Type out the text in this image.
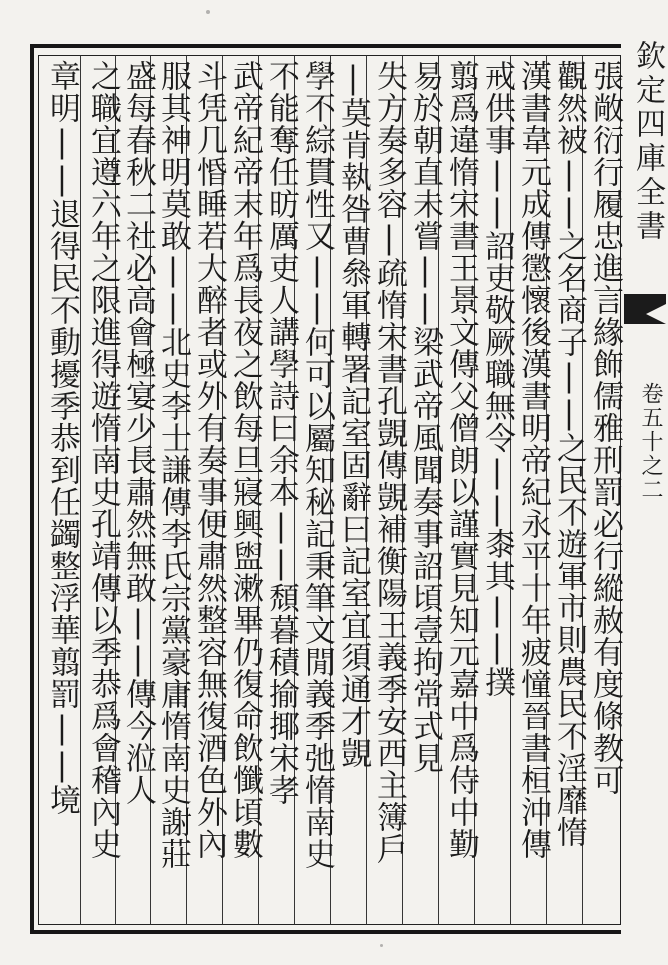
欽定四庫全書
卷五十之二
張敞衍行履忠進言緣飾儒雅刑罰必行縱赦有度條教可
觀然被||之名商子||之民不遊軍市則農民不淫靡惰
漢書韋元成傳懲懷後漢書明帝紀永平十年疲憧晉書桓沖傳
戒供事||詔吏敬厥職無令||桼其||撲
翦爲違惰宋書王景文傳父僧朗以謹實見知元嘉中爲侍中勤
易於朝直未嘗||梁武帝風聞奏事詔頃壹拘常式見
失方奏多容|疏惰宋書孔覬傳覬補衡陽王義季安西主簿戶
|莫肯執咎曹叅軍轉署記室固辭曰記室宜須通才覬
學不綜貫性又||何可以屬知秘記秉筆文閒義季弛惰南史
不能奪任昉厲吏人講學詩曰余本||頹暮積揄揶宋孝
武帝紀帝末年爲長夜之飲每旦寢興盥漱畢仍復命飲懺頃數
斗凭几惛睡若大醉者或外有奏事便肅然整容無復酒色外內
服其神明莫敢||北史李士謙傳李氏宗黨豪庸惰南史謝莊
盛每春秋二社必高會極宴少長肅然無敢||傳今涖人
之職宜遵六年之限進得遊惰南史孔靖傳以季恭爲會稽內史
章明||退得民不動擾季恭到任蠲整浮華翦罰||境
